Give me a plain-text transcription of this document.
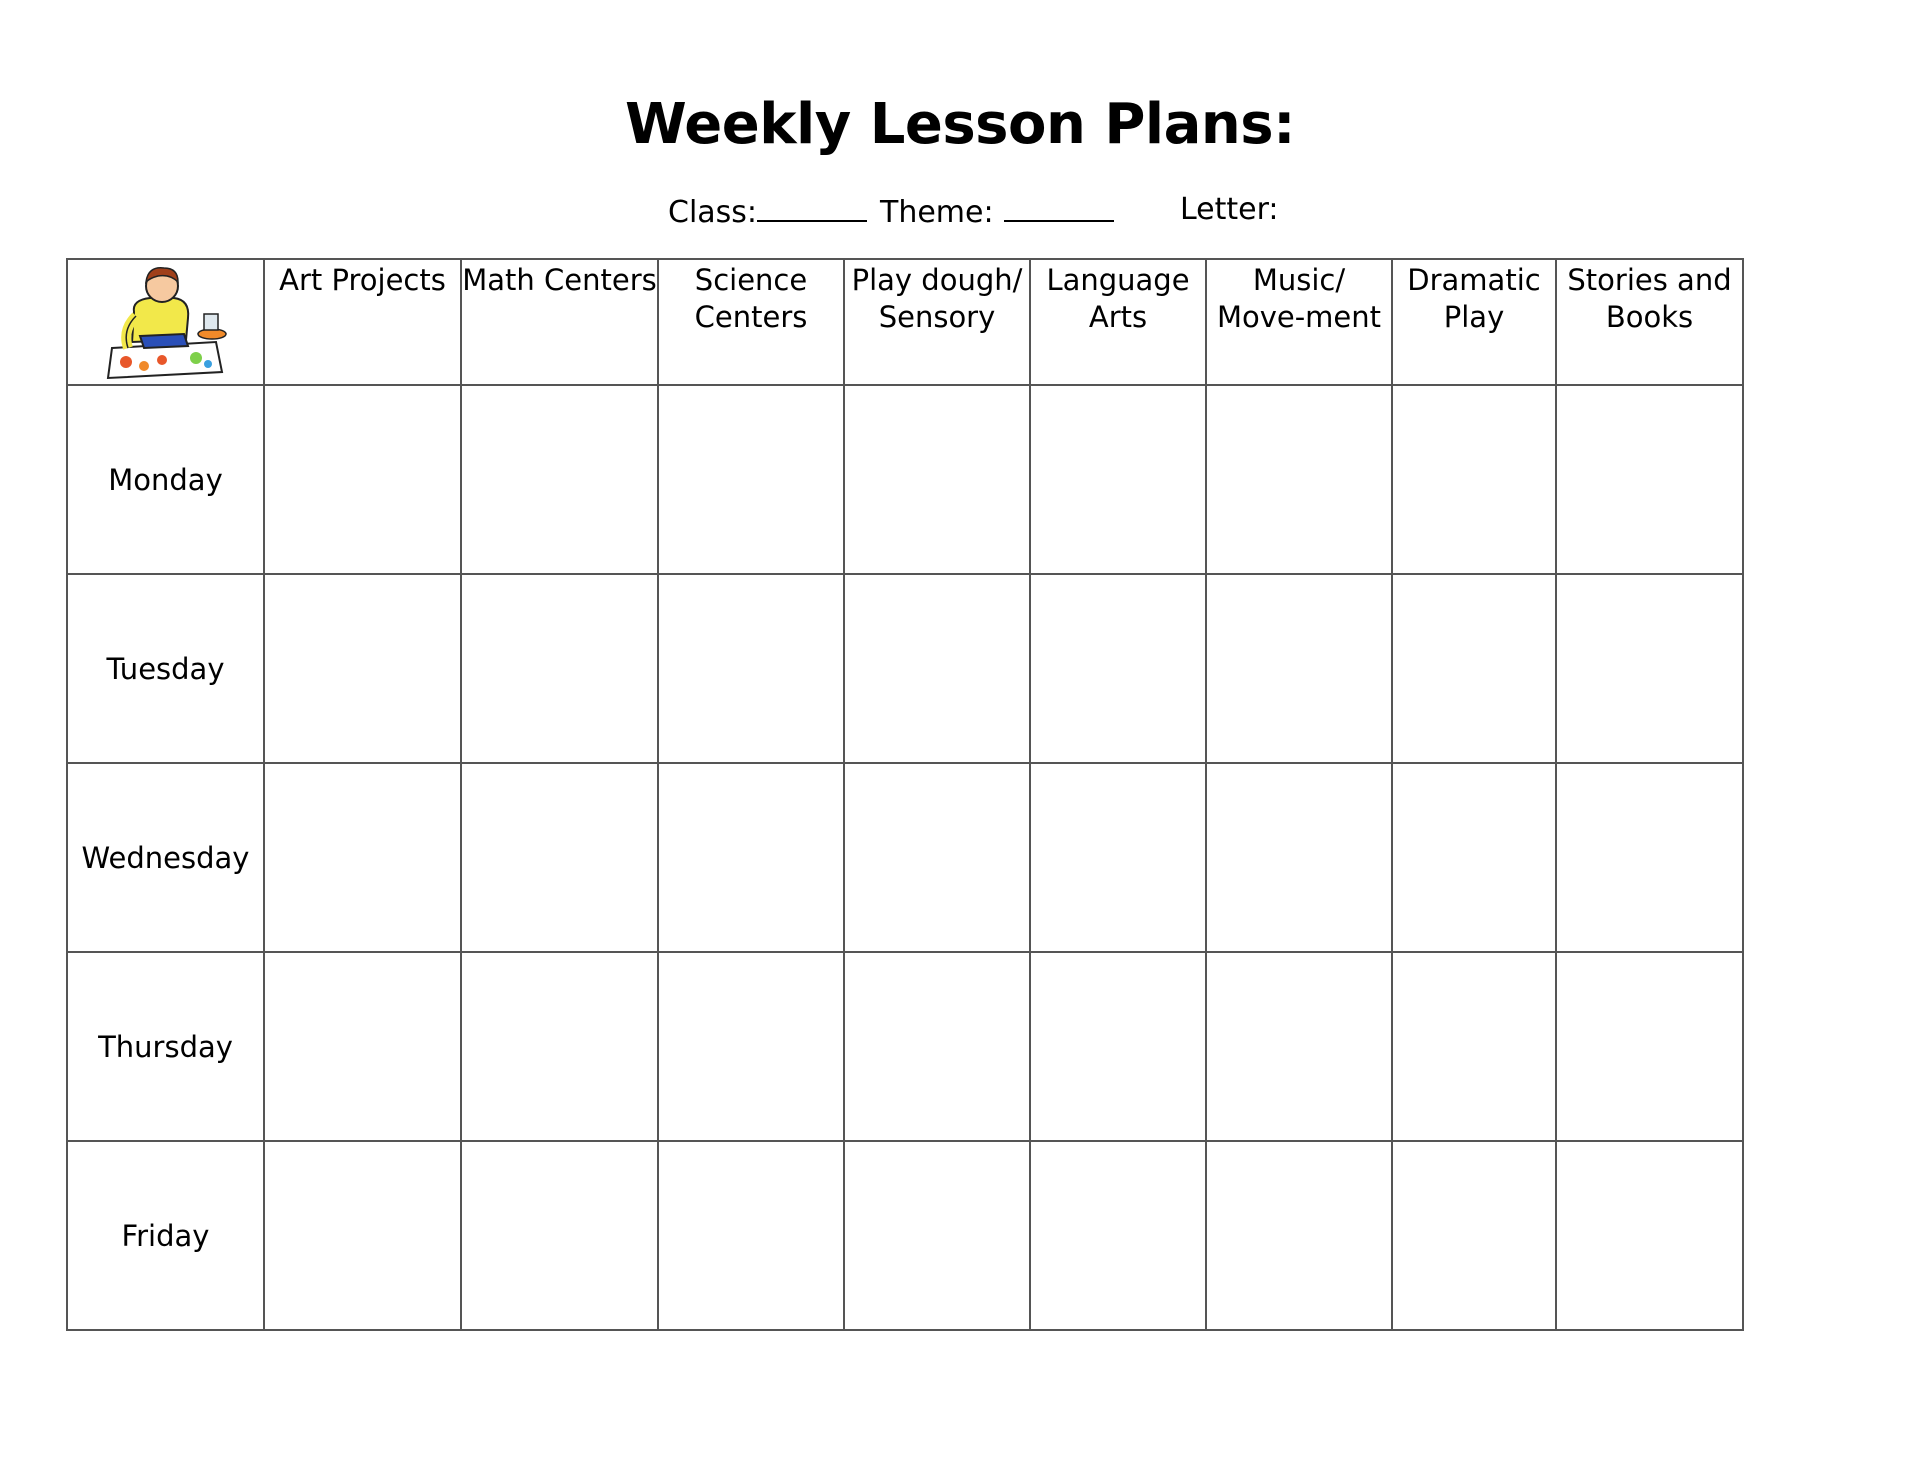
Weekly Lesson Plans:
Class:	Theme:	Letter:
	Art Projects	Math Centers	Science Centers	Play dough/ Sensory	Language Arts	Music/ Move-ment	Dramatic Play	Stories and Books
Monday								
Tuesday								
Wednesday								
Thursday								
Friday								
